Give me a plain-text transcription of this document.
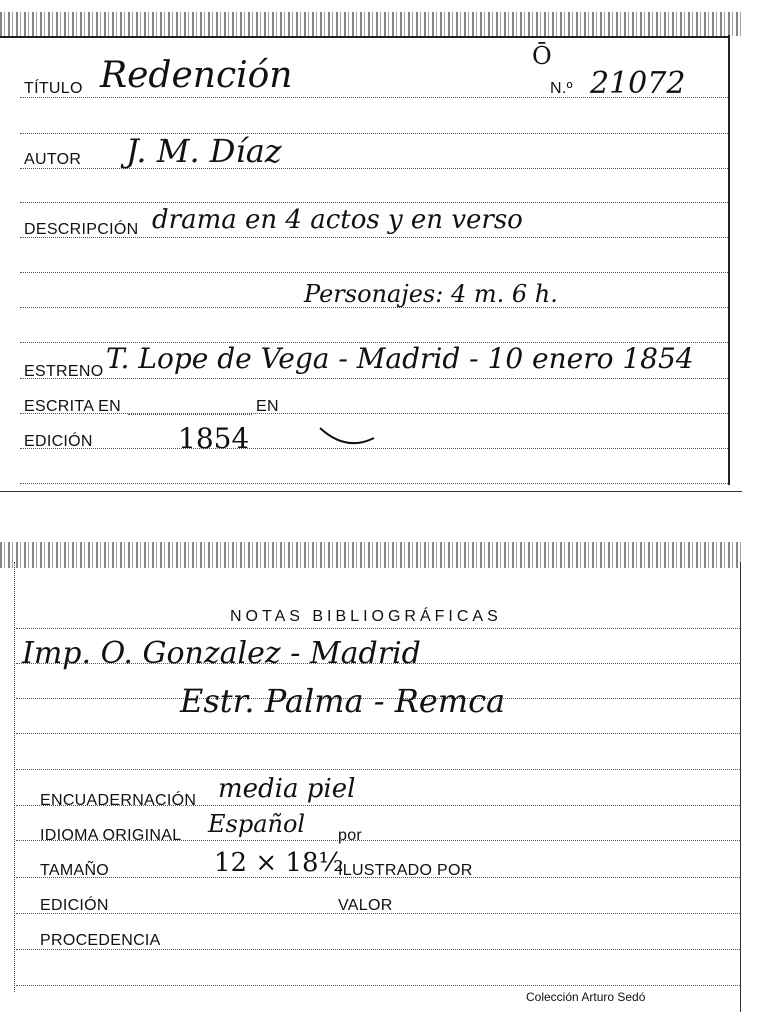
TÍTULO Redención	Ō
N.º 21072
AUTOR J. M. Díaz
DESCRIPCIÓN drama en 4 actos y en verso
Personajes: 4 m. 6 h.
ESTRENO T. Lope de Vega - Madrid - 10 enero 1854
ESCRITA EN	EN
EDICIÓN	1854
NOTAS BIBLIOGRÁFICAS
Imp. O. Gonzalez - Madrid
Estr. Palma - Remca
ENCUADERNACIÓN media piel
IDIOMA ORIGINAL Español por
TAMAÑO	12 × 18½
ILUSTRADO POR
EDICIÓN	VALOR
PROCEDENCIA
Colección Arturo Sedó
